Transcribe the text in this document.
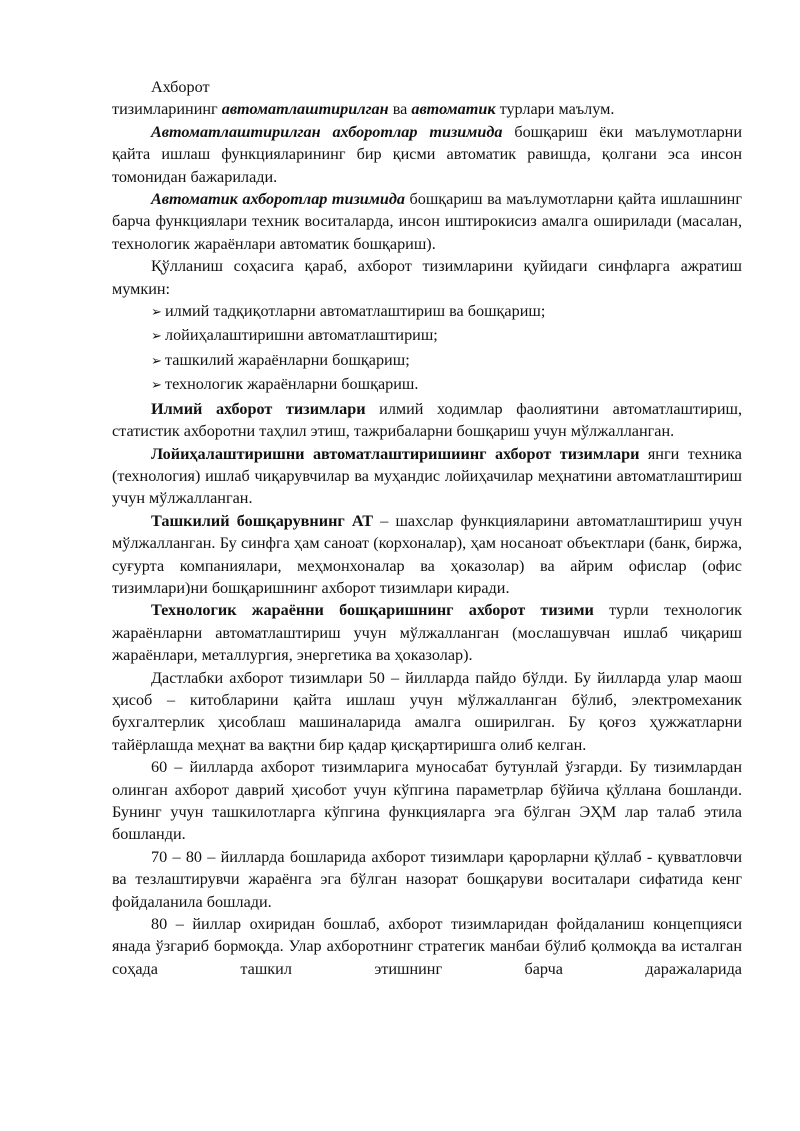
Ахборот

тизимларининг автоматлаштирилган ва автоматик турлари маълум.

Автоматлаштирилган ахборотлар тизимида бошқариш ёки маълумотларни қайта ишлаш функцияларининг бир қисми автоматик равишда, қолгани эса инсон томонидан бажарилади.

Автоматик ахборотлар тизимида бошқариш ва маълумотларни қайта ишлашнинг барча функциялари техник воситаларда, инсон иштирокисиз амалга оширилади (масалан, технологик жараёнлари автоматик бошқариш).

Қўлланиш соҳасига қараб, ахборот тизимларини қуйидаги синфларга ажратиш мумкин:

➢ илмий тадқиқотларни автоматлаштириш ва бошқариш;

➢ лойиҳалаштиришни автоматлаштириш;

➢ ташкилий жараёнларни бошқариш;

➢ технологик жараёнларни бошқариш.

Илмий ахборот тизимлари илмий ходимлар фаолиятини автоматлаштириш, статистик ахборотни таҳлил этиш, тажрибаларни бошқариш учун мўлжалланган.

Лойиҳалаштиришни автоматлаштиришиинг ахборот тизимлари янги техника (технология) ишлаб чиқарувчилар ва муҳандис лойиҳачилар меҳнатини автоматлаштириш учун мўлжалланган.

Ташкилий бошқарувнинг АТ – шахслар функцияларини автоматлаштириш учун мўлжалланган. Бу синфга ҳам саноат (корхоналар), ҳам носаноат объектлари (банк, биржа, суғурта компаниялари, меҳмонхоналар ва ҳоказолар) ва айрим офислар (офис тизимлари)ни бошқаришнинг ахборот тизимлари киради.

Технологик жараённи бошқаришнинг ахборот тизими турли технологик жараёнларни автоматлаштириш учун мўлжалланган (мослашувчан ишлаб чиқариш жараёнлари, металлургия, энергетика ва ҳоказолар).

Дастлабки ахборот тизимлари 50 – йилларда пайдо бўлди. Бу йилларда улар маош ҳисоб – китобларини қайта ишлаш учун мўлжалланган бўлиб, электромеханик бухгалтерлик ҳисоблаш машиналарида амалга оширилган. Бу қоғоз ҳужжатларни тайёрлашда меҳнат ва вақтни бир қадар қисқартиришга олиб келган.

60 – йилларда ахборот тизимларига муносабат бутунлай ўзгарди. Бу тизимлардан олинган ахборот даврий ҳисобот учун кўпгина параметрлар бўйича қўллана бошланди. Бунинг учун ташкилотларга кўпгина функцияларга эга бўлган ЭҲМ лар талаб этила бошланди.

70 – 80 – йилларда бошларида ахборот тизимлари қарорларни қўллаб - қувватловчи ва тезлаштирувчи жараёнга эга бўлган назорат бошқаруви воситалари сифатида кенг фойдаланила бошлади.

80 – йиллар охиридан бошлаб, ахборот тизимларидан фойдаланиш концепцияси янада ўзгариб бормоқда. Улар ахборотнинг стратегик манбаи бўлиб қолмоқда ва исталган соҳада ташкил этишнинг барча даражаларида
